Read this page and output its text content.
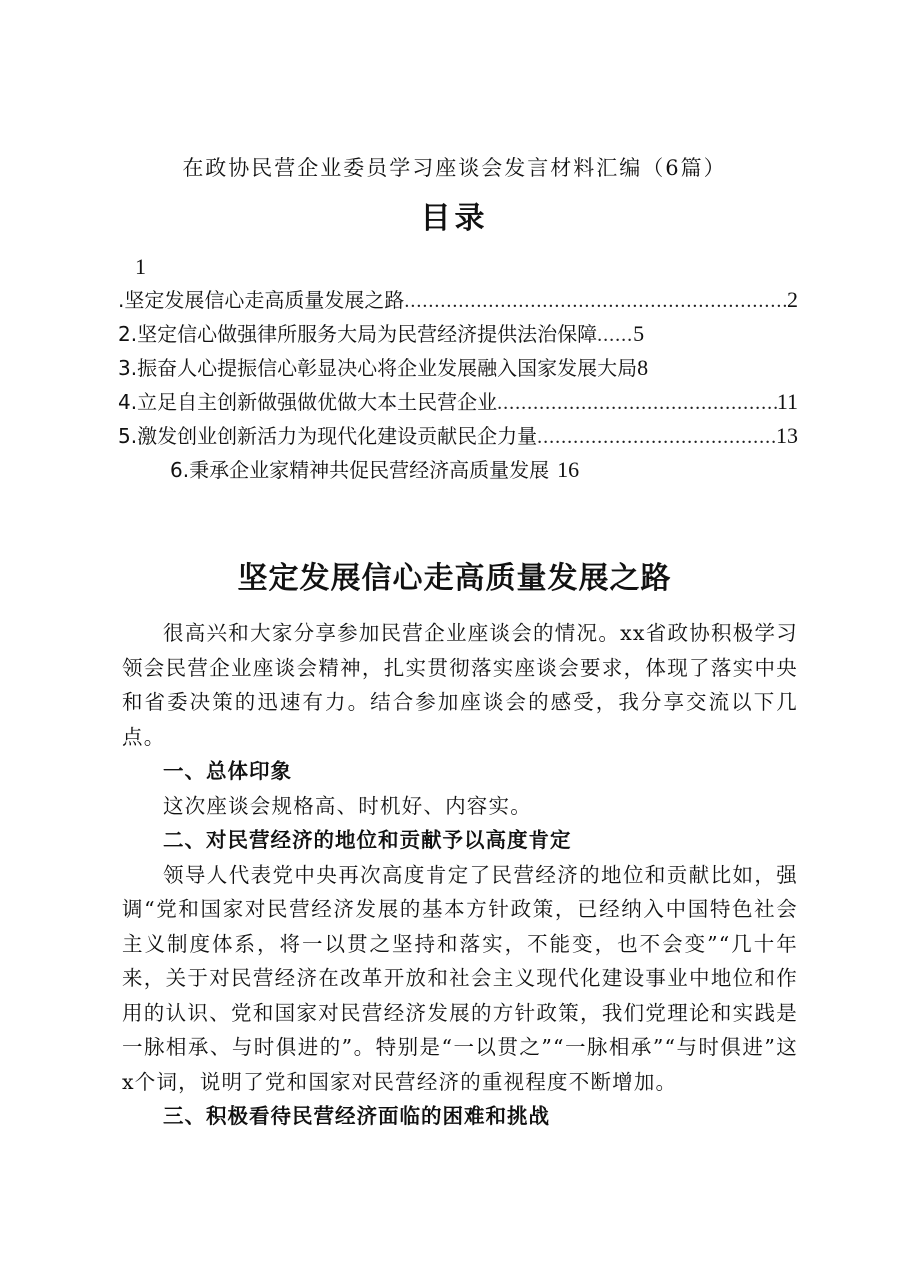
在政协民营企业委员学习座谈会发言材料汇编（6篇）
目录
1
.坚定发展信心走高质量发展之路 .....	2
2.坚定信心做强律所服务大局为民营经济提供法治保障 ..... 5
3.振奋人心提振信心彰显决心将企业发展融入国家发展大局 8
4.立足自主创新做强做优做大本土民营企业 .....	11
5.激发创业创新活力为现代化建设贡献民企力量 .....	13
6.秉承企业家精神共促民营经济高质量发展 16
坚定发展信心走高质量发展之路

很高兴和大家分享参加民营企业座谈会的情况。xx省政协积极学习领会民营企业座谈会精神，扎实贯彻落实座谈会要求，体现了落实中央和省委决策的迅速有力。结合参加座谈会的感受，我分享交流以下几点。

一、总体印象

这次座谈会规格高、时机好、内容实。

二、对民营经济的地位和贡献予以高度肯定

领导人代表党中央再次高度肯定了民营经济的地位和贡献比如，强调“党和国家对民营经济发展的基本方针政策，已经纳入中国特色社会主义制度体系，将一以贯之坚持和落实，不能变，也不会变”“几十年来，关于对民营经济在改革开放和社会主义现代化建设事业中地位和作用的认识、党和国家对民营经济发展的方针政策，我们党理论和实践是一脉相承、与时俱进的”。特别是“一以贯之”“一脉相承”“与时俱进”这x个词，说明了党和国家对民营经济的重视程度不断增加。

三、积极看待民营经济面临的困难和挑战
